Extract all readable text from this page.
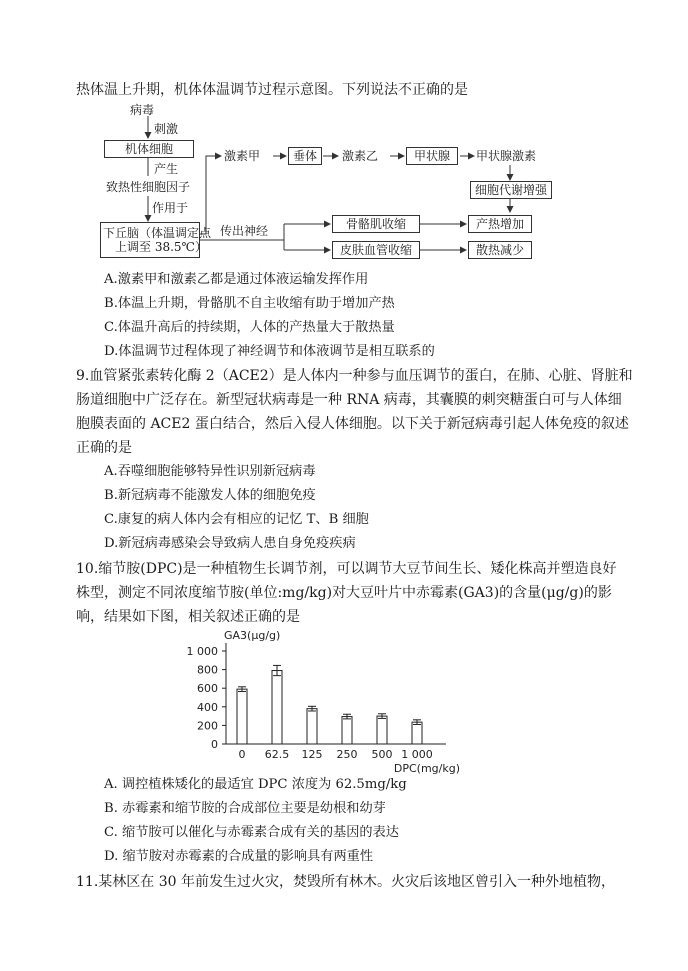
热体温上升期，机体体温调节过程示意图。下列说法不正确的是
病毒
刺激
机体细胞
产生
致热性细胞因子
作用于
下丘脑（体温调定点
上调至 38.5℃）
激素甲	垂体	激素乙	甲状腺	甲状腺激素
细胞代谢增强
传出神经	骨骼肌收缩
皮肤血管收缩
产热增加
散热减少
A.激素甲和激素乙都是通过体液运输发挥作用
B.体温上升期，骨骼肌不自主收缩有助于增加产热
C.体温升高后的持续期，人体的产热量大于散热量
D.体温调节过程体现了神经调节和体液调节是相互联系的
9.血管紧张素转化酶 2（ACE2）是人体内一种参与血压调节的蛋白，在肺、心脏、肾脏和
肠道细胞中广泛存在。新型冠状病毒是一种 RNA 病毒，其囊膜的刺突糖蛋白可与人体细
胞膜表面的 ACE2 蛋白结合，然后入侵人体细胞。以下关于新冠病毒引起人体免疫的叙述
正确的是
A.吞噬细胞能够特异性识别新冠病毒
B.新冠病毒不能激发人体的细胞免疫
C.康复的病人体内会有相应的记忆 T、B 细胞
D.新冠病毒感染会导致病人患自身免疫疾病
10.缩节胺(DPC)是一种植物生长调节剂，可以调节大豆节间生长、矮化株高并塑造良好
株型，测定不同浓度缩节胺(单位:mg/kg)对大豆叶片中赤霉素(GA3)的含量(μg/g)的影
响，结果如下图，相关叙述正确的是
0
200
400
600
800
1 000
GA3(μg/g)
0 62.5 125 250 500 1 000
DPC(mg/kg)
A. 调控植株矮化的最适宜 DPC 浓度为 62.5mg/kg
B. 赤霉素和缩节胺的合成部位主要是幼根和幼芽
C. 缩节胺可以催化与赤霉素合成有关的基因的表达
D. 缩节胺对赤霉素的合成量的影响具有两重性
11.某林区在 30 年前发生过火灾，焚毁所有林木。火灾后该地区曾引入一种外地植物，
